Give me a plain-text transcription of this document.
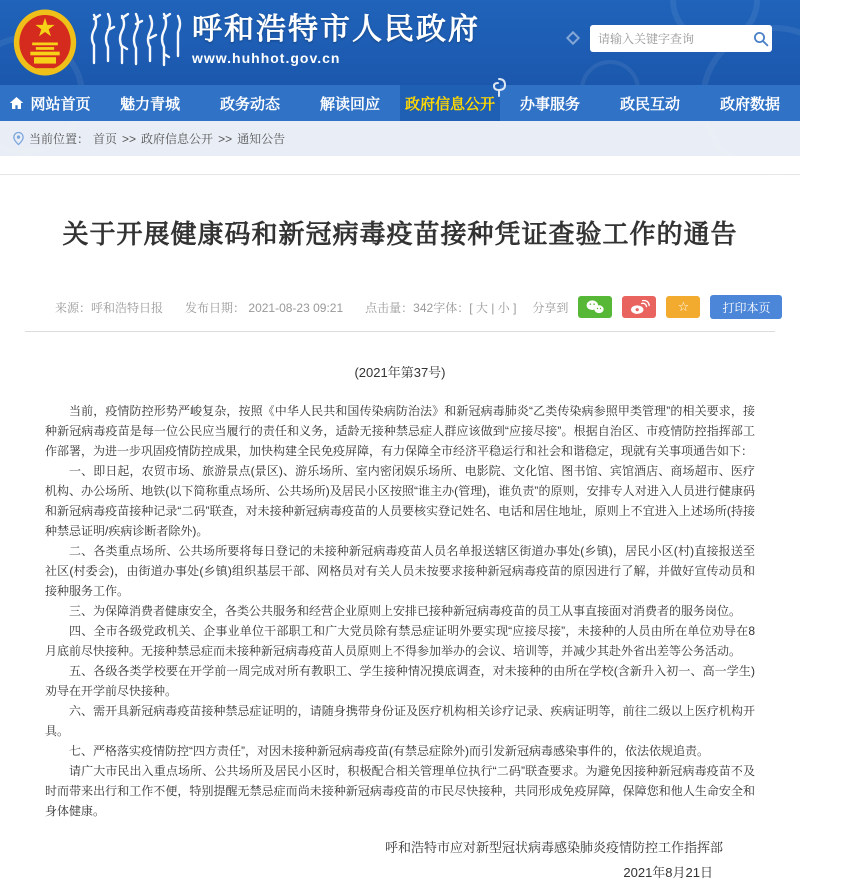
呼和浩特市人民政府
www.huhhot.gov.cn
请输入关键字查询
网站首页 魅力青城	政务动态	解读回应 政府信息公开 办事服务	政民互动	政府数据
当前位置： 首页 >> 政府信息公开 >> 通知公告
关于开展健康码和新冠病毒疫苗接种凭证查验工作的通告
来源：呼和浩特日报 发布日期： 2021-08-23 09:21 点击量：342 字体：[ 大 | 小 ] 分享到	☆	打印本页
(2021年第37号)

当前，疫情防控形势严峻复杂，按照《中华人民共和国传染病防治法》和新冠病毒肺炎“乙类传染病参照甲类管理”的相关要求，接种新冠病毒疫苗是每一位公民应当履行的责任和义务，适龄无接种禁忌症人群应该做到“应接尽接”。根据自治区、市疫情防控指挥部工作部署，为进一步巩固疫情防控成果，加快构建全民免疫屏障，有力保障全市经济平稳运行和社会和谐稳定，现就有关事项通告如下：

一、即日起，农贸市场、旅游景点(景区)、游乐场所、室内密闭娱乐场所、电影院、文化馆、图书馆、宾馆酒店、商场超市、医疗机构、办公场所、地铁(以下简称重点场所、公共场所)及居民小区按照“谁主办(管理)，谁负责”的原则，安排专人对进入人员进行健康码和新冠病毒疫苗接种记录“二码”联查，对未接种新冠病毒疫苗的人员要核实登记姓名、电话和居住地址，原则上不宜进入上述场所(持接种禁忌证明/疾病诊断者除外)。

二、各类重点场所、公共场所要将每日登记的未接种新冠病毒疫苗人员名单报送辖区街道办事处(乡镇)，居民小区(村)直接报送至社区(村委会)，由街道办事处(乡镇)组织基层干部、网格员对有关人员未按要求接种新冠病毒疫苗的原因进行了解，并做好宣传动员和接种服务工作。

三、为保障消费者健康安全，各类公共服务和经营企业原则上安排已接种新冠病毒疫苗的员工从事直接面对消费者的服务岗位。

四、全市各级党政机关、企事业单位干部职工和广大党员除有禁忌症证明外要实现“应接尽接”，未接种的人员由所在单位劝导在8月底前尽快接种。无接种禁忌症而未接种新冠病毒疫苗人员原则上不得参加举办的会议、培训等，并减少其赴外省出差等公务活动。

五、各级各类学校要在开学前一周完成对所有教职工、学生接种情况摸底调查，对未接种的由所在学校(含新升入初一、高一学生)劝导在开学前尽快接种。

六、需开具新冠病毒疫苗接种禁忌症证明的，请随身携带身份证及医疗机构相关诊疗记录、疾病证明等，前往二级以上医疗机构开具。

七、严格落实疫情防控“四方责任”，对因未接种新冠病毒疫苗(有禁忌症除外)而引发新冠病毒感染事件的，依法依规追责。

请广大市民出入重点场所、公共场所及居民小区时，积极配合相关管理单位执行“二码”联查要求。为避免因接种新冠病毒疫苗不及时而带来出行和工作不便，特别提醒无禁忌症而尚未接种新冠病毒疫苗的市民尽快接种，共同形成免疫屏障，保障您和他人生命安全和身体健康。

呼和浩特市应对新型冠状病毒感染肺炎疫情防控工作指挥部
2021年8月21日
